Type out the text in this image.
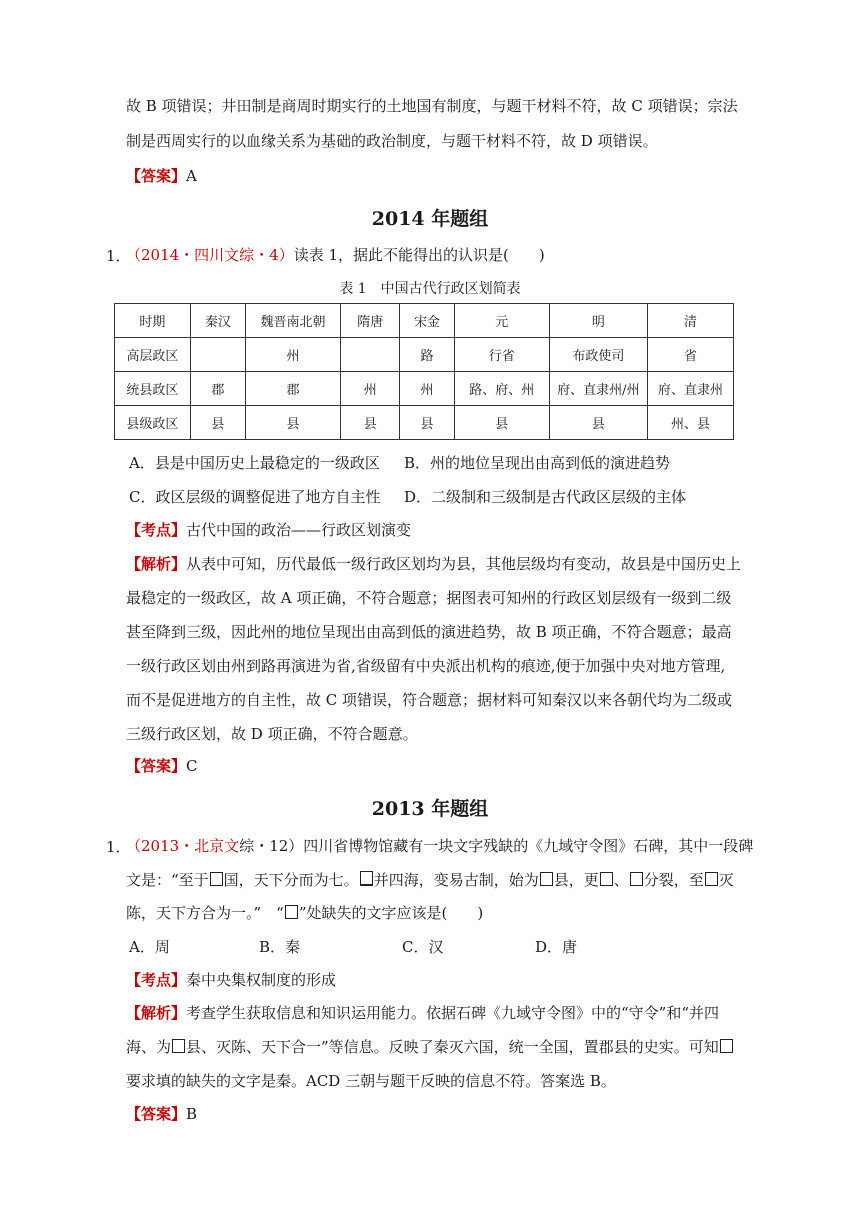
故 B 项错误；井田制是商周时期实行的土地国有制度，与题干材料不符，故 C 项错误；宗法
制是西周实行的以血缘关系为基础的政治制度，与题干材料不符，故 D 项错误。
【答案】A
2014 年题组
1．
（2014・四川文综・4）读表 1，据此不能得出的认识是(　　)
表 1　中国古代行政区划简表
时期	秦汉	魏晋南北朝	隋唐	宋金	元	明	清
高层政区		州		路	行省	布政使司	省
统县政区	郡	郡	州	州	路、府、州	府、直隶州/州	府、直隶州
县级政区	县	县	县	县	县	县	州、县
A．县是中国历史上最稳定的一级政区 B．州的地位呈现出由高到低的演进趋势
C．政区层级的调整促进了地方自主性 D．二级制和三级制是古代政区层级的主体
【考点】古代中国的政治——行政区划演变
【解析】从表中可知，历代最低一级行政区划均为县，其他层级均有变动，故县是中国历史上
最稳定的一级政区，故 A 项正确，不符合题意；据图表可知州的行政区划层级有一级到二级
甚至降到三级，因此州的地位呈现出由高到低的演进趋势，故 B 项正确，不符合题意；最高
一级行政区划由州到路再演进为省,省级留有中央派出机构的痕迹,便于加强中央对地方管理,
而不是促进地方的自主性，故 C 项错误，符合题意；据材料可知秦汉以来各朝代均为二级或
三级行政区划，故 D 项正确，不符合题意。
【答案】C
2013 年题组
1．
（2013・北京文综・12）四川省博物馆藏有一块文字残缺的《九域守令图》石碑，其中一段碑
文是：“至于 国，天下分而为七。 并四海，变易古制，始为 县，更 、 分裂，至 灭
陈，天下方合为一。”　“ ”处缺失的文字应该是(　　)
A．周	B．秦	C．汉	D．唐
【考点】秦中央集权制度的形成
【解析】考查学生获取信息和知识运用能力。依据石碑《九域守令图》中的“守令”和“并四
海、为 县、灭陈、天下合一”等信息。反映了秦灭六国，统一全国，置郡县的史实。可知
要求填的缺失的文字是秦。ACD 三朝与题干反映的信息不符。答案选 B。
【答案】B
